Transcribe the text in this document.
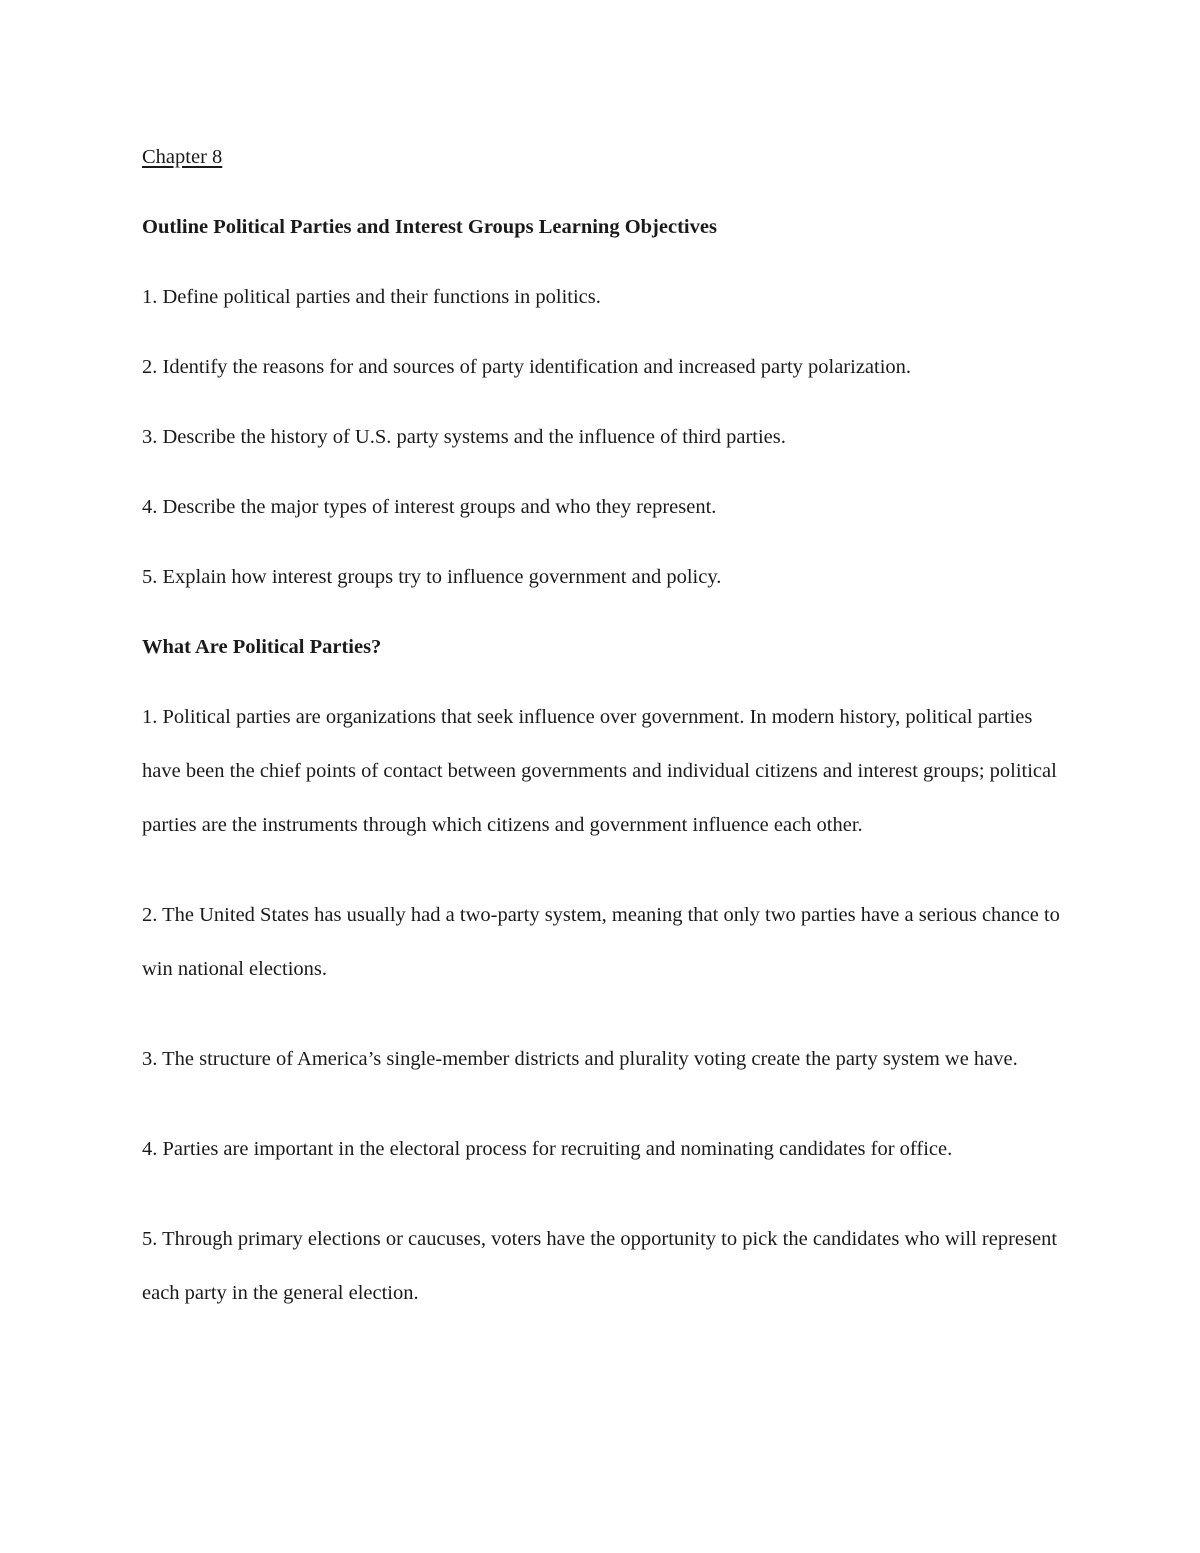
Chapter 8

Outline Political Parties and Interest Groups Learning Objectives

1. Define political parties and their functions in politics.

2. Identify the reasons for and sources of party identification and increased party polarization.

3. Describe the history of U.S. party systems and the influence of third parties.

4. Describe the major types of interest groups and who they represent.

5. Explain how interest groups try to influence government and policy.

What Are Political Parties?

1. Political parties are organizations that seek influence over government. In modern history, political parties have been the chief points of contact between governments and individual citizens and interest groups; political parties are the instruments through which citizens and government influence each other.

2. The United States has usually had a two-party system, meaning that only two parties have a serious chance to win national elections.

3. The structure of America’s single-member districts and plurality voting create the party system we have.

4. Parties are important in the electoral process for recruiting and nominating candidates for office.

5. Through primary elections or caucuses, voters have the opportunity to pick the candidates who will represent each party in the general election.
